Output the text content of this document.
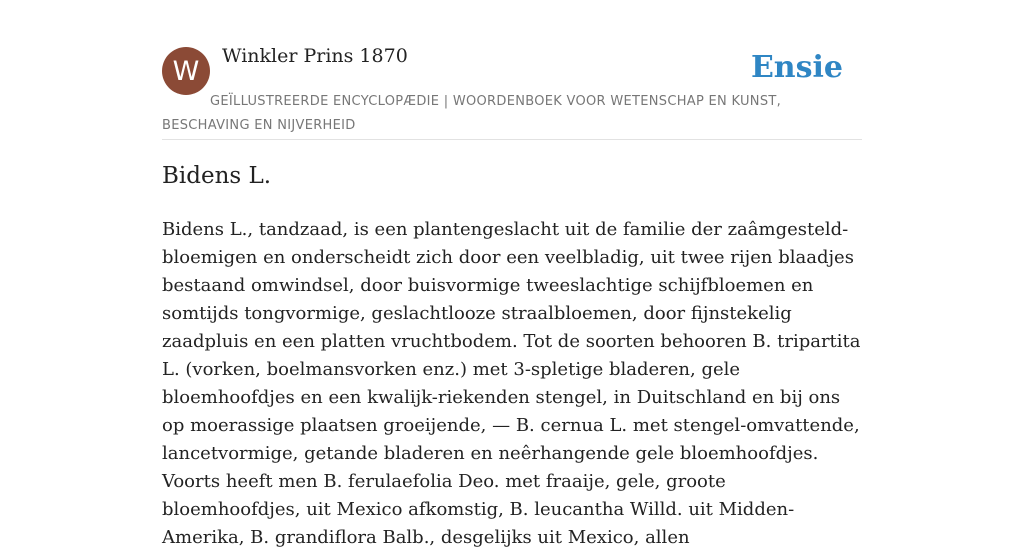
W	Winkler Prins 1870	Ensie
GEÏLLUSTREERDE ENCYCLOPÆDIE | WOORDENBOEK VOOR WETENSCHAP EN KUNST, BESCHAVING EN NIJVERHEID
Bidens L.

Bidens L., tandzaad, is een plantengeslacht uit de familie der zaâmgesteld-bloemigen en onderscheidt zich door een veelbladig, uit twee rijen blaadjes bestaand omwindsel, door buisvormige tweeslachtige schijfbloemen en somtijds tongvormige, geslachtlooze straalbloemen, door fijnstekelig zaadpluis en een platten vruchtbodem. Tot de soorten behooren B. tripartita L. (vorken, boelmansvorken enz.) met 3-spletige bladeren, gele bloemhoofdjes en een kwalijk-riekenden stengel, in Duitschland en bij ons op moerassige plaatsen groeijende, — B. cernua L. met stengel-omvattende, lancetvormige, getande bladeren en neêrhangende gele bloemhoofdjes. Voorts heeft men B. ferulaefolia Deo. met fraaije, gele, groote bloemhoofdjes, uit Mexico afkomstig, B. leucantha Willd. uit Midden-Amerika, B. grandiflora Balb., desgelijks uit Mexico, allen
